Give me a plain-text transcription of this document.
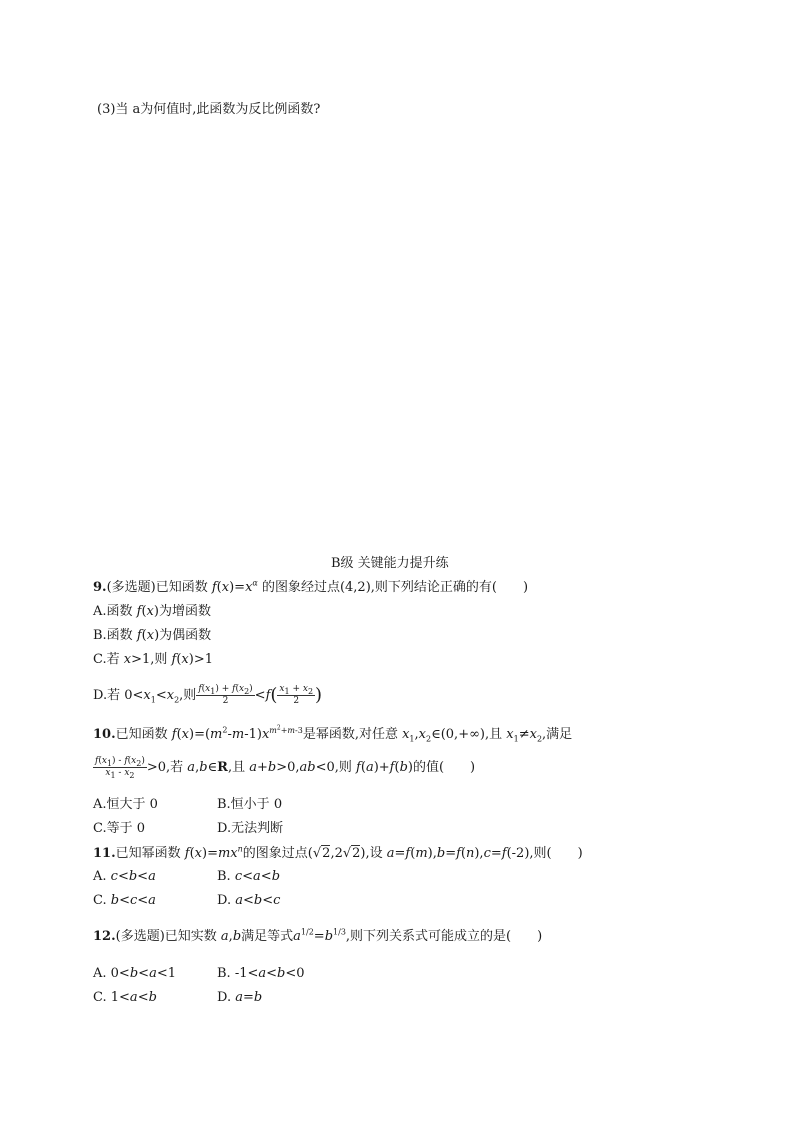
(3)当 a为何值时,此函数为反比例函数?
B级 关键能力提升练
9.(多选题)已知函数 $f(x)=x^\alpha$ 的图象经过点(4,2),则下列结论正确的有(　　)
A.函数 f(x)为增函数
B.函数 f(x)为偶函数
C.若 x>1,则 f(x)>1
D.若 $0<x_1<x_2$,则 $\frac{f(x_1) + f(x_2)}{2} <f( \frac{x_1 + x_2}{2}$ )
10.已知函数 $f(x)=(m^2-m-1)x^{m^2+m-3}$是幂函数,对任意 $x_1,x_2\in(0,+\infty)$,且 $x_1\ne x_2$,满足
$\frac{f(x_1) - f(x_2)}{x_1 - x_2} >0$,若 a,b∈R,且 a+b>0,ab<0,则 f(a)+f(b)的值(　　)
A.恒大于 0	B.恒小于 0
C.等于 0	D.无法判断
11.已知幂函数 $f(x)=mx^n$的图象过点(√2,2√2),设 a=f(m),b=f(n),c=f(-2),则(　　)
A. c<b<a	B. c<a<b
C. b<c<a	D. a<b<c
12.(多选题)已知实数 a,b满足等式$a^{1/2}=b^{1/3}$,则下列关系式可能成立的是(　　)
A. 0<b<a<1	B. -1<a<b<0
C. 1<a<b	D. a=b
